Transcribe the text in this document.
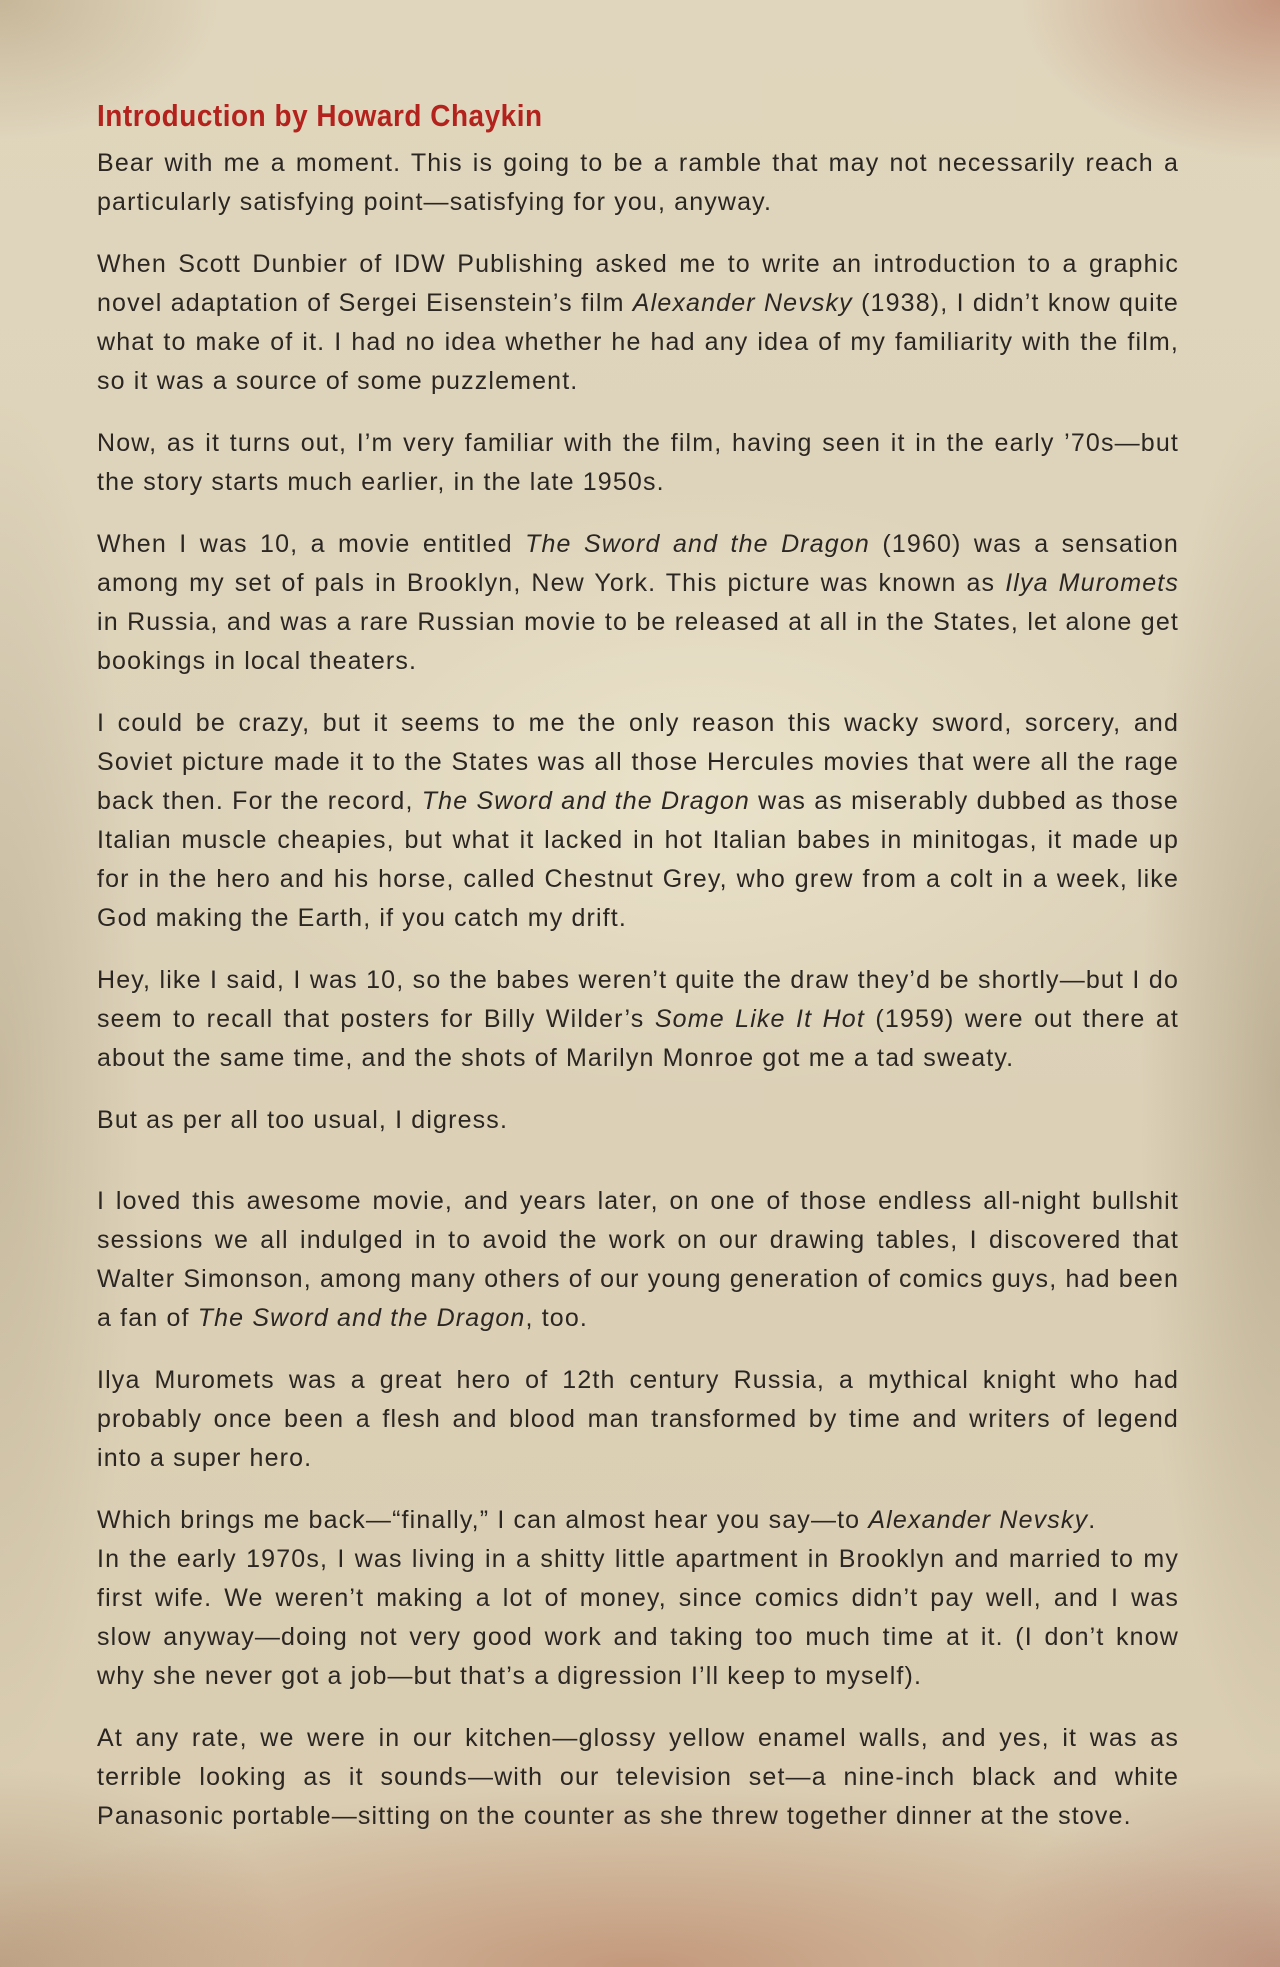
Introduction by Howard Chaykin

Bear with me a moment. This is going to be a ramble that may not necessarily reach a particularly satisfying point—satisfying for you, anyway.

When Scott Dunbier of IDW Publishing asked me to write an introduction to a graphic novel adaptation of Sergei Eisenstein’s film Alexander Nevsky (1938), I didn’t know quite what to make of it. I had no idea whether he had any idea of my familiarity with the film, so it was a source of some puzzlement.

Now, as it turns out, I’m very familiar with the film, having seen it in the early ’70s—but the story starts much earlier, in the late 1950s.

When I was 10, a movie entitled The Sword and the Dragon (1960) was a sensation among my set of pals in Brooklyn, New York. This picture was known as Ilya Muromets in Russia, and was a rare Russian movie to be released at all in the States, let alone get bookings in local theaters.

I could be crazy, but it seems to me the only reason this wacky sword, sorcery, and Soviet picture made it to the States was all those Hercules movies that were all the rage back then. For the record, The Sword and the Dragon was as miserably dubbed as those Italian muscle cheapies, but what it lacked in hot Italian babes in minitogas, it made up for in the hero and his horse, called Chestnut Grey, who grew from a colt in a week, like God making the Earth, if you catch my drift.

Hey, like I said, I was 10, so the babes weren’t quite the draw they’d be shortly—but I do seem to recall that posters for Billy Wilder’s Some Like It Hot (1959) were out there at about the same time, and the shots of Marilyn Monroe got me a tad sweaty.

But as per all too usual, I digress.

I loved this awesome movie, and years later, on one of those endless all-night bullshit sessions we all indulged in to avoid the work on our drawing tables, I discovered that Walter Simonson, among many others of our young generation of comics guys, had been a fan of The Sword and the Dragon, too.

Ilya Muromets was a great hero of 12th century Russia, a mythical knight who had probably once been a flesh and blood man transformed by time and writers of legend into a super hero.

Which brings me back—“finally,” I can almost hear you say—to Alexander Nevsky.

In the early 1970s, I was living in a shitty little apartment in Brooklyn and married to my first wife. We weren’t making a lot of money, since comics didn’t pay well, and I was slow anyway—doing not very good work and taking too much time at it. (I don’t know why she never got a job—but that’s a digression I’ll keep to myself).

At any rate, we were in our kitchen—glossy yellow enamel walls, and yes, it was as terrible looking as it sounds—with our television set—a nine-inch black and white Panasonic portable—sitting on the counter as she threw together dinner at the stove.
